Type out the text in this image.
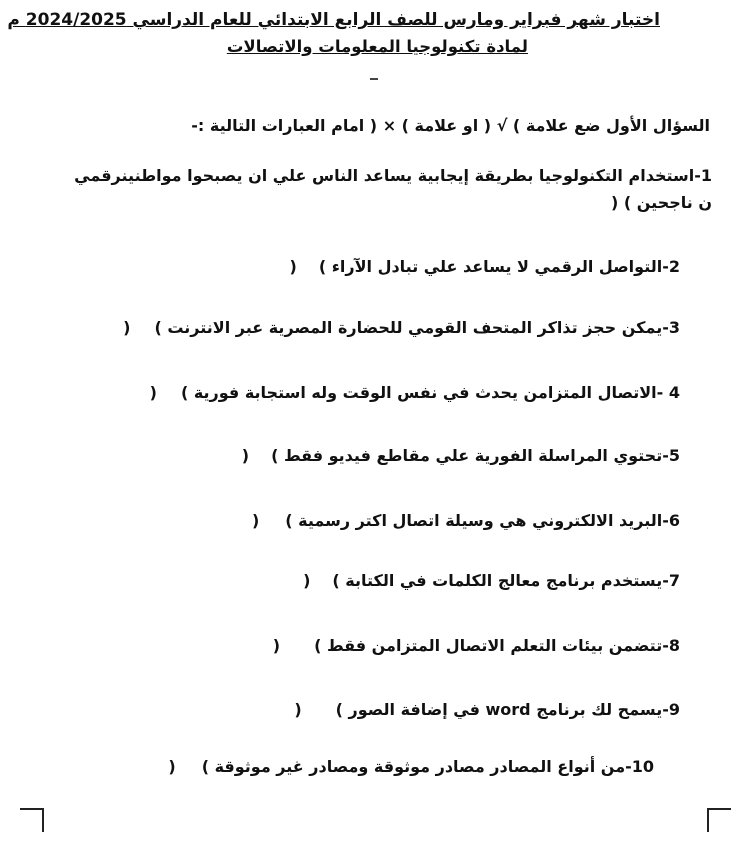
اختبار شهر فبراير ومارس للصف الرابع الابتدائي للعام الدراسي 2024/2025 م
لمادة تكنولوجيا المعلومات والاتصالات
السؤال الأول ضع علامة ) √ ( او علامة ) × ( امام العبارات التالية :-
1-استخدام التكنولوجيا بطريقة إيجابية يساعد الناس علي ان يصبحوا مواطنينرقمي
ن ناجحين ) (
2-التواصل الرقمي لا يساعد علي تبادل الآراء )(
3-يمكن حجز تذاكر المتحف القومي للحضارة المصرية عبر الانترنت )(
4 -الاتصال المتزامن يحدث في نفس الوقت وله استجابة فورية )(
5-تحتوي المراسلة الفورية علي مقاطع فيديو فقط )(
6-البريد الالكتروني هي وسيلة اتصال اكتر رسمية )(
7-يستخدم برنامج معالج الكلمات في الكتابة )(
8-تتضمن بيئات التعلم الاتصال المتزامن فقط )(
9-يسمح لك برنامج word في إضافة الصور )(
10-من أنواع المصادر مصادر موثوقة ومصادر غير موثوقة )(
